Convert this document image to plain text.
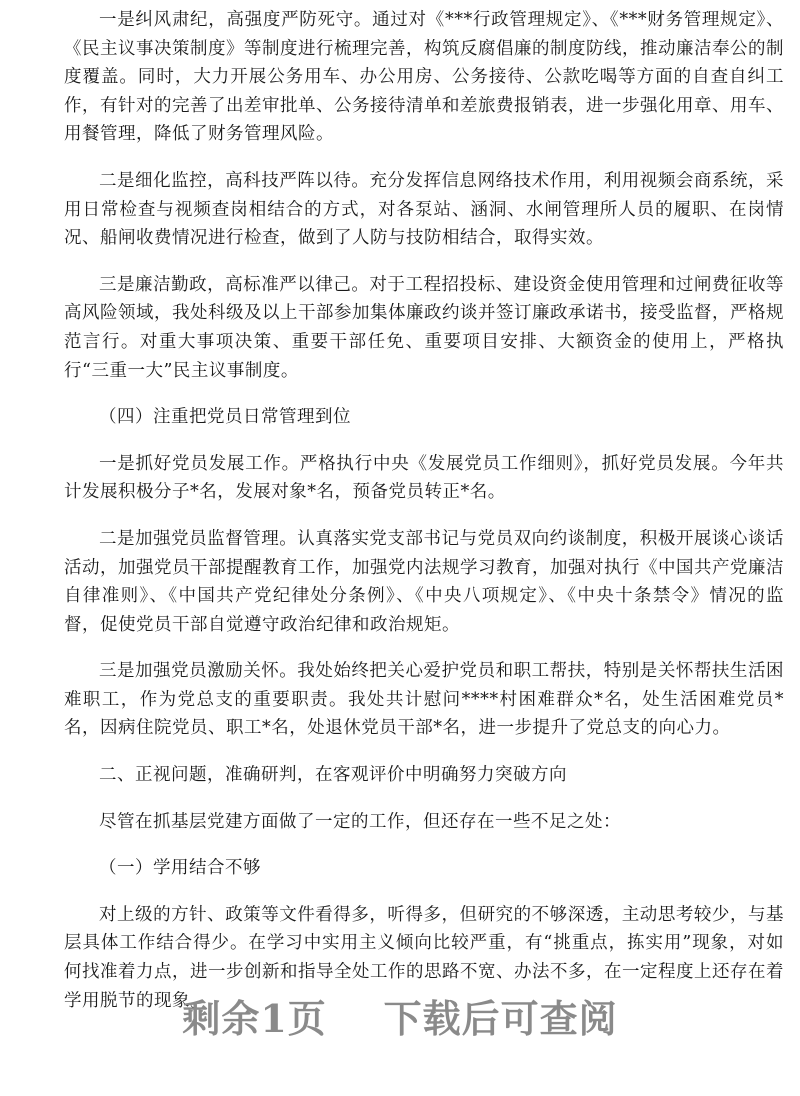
一是纠风肃纪，高强度严防死守。通过对《***行政管理规定》、《***财务管理规定》、《民主议事决策制度》等制度进行梳理完善，构筑反腐倡廉的制度防线，推动廉洁奉公的制度覆盖。同时，大力开展公务用车、办公用房、公务接待、公款吃喝等方面的自查自纠工作，有针对的完善了出差审批单、公务接待清单和差旅费报销表，进一步强化用章、用车、用餐管理，降低了财务管理风险。

二是细化监控，高科技严阵以待。充分发挥信息网络技术作用，利用视频会商系统，采用日常检查与视频查岗相结合的方式，对各泵站、涵洞、水闸管理所人员的履职、在岗情况、船闸收费情况进行检查，做到了人防与技防相结合，取得实效。

三是廉洁勤政，高标准严以律己。对于工程招投标、建设资金使用管理和过闸费征收等高风险领域，我处科级及以上干部参加集体廉政约谈并签订廉政承诺书，接受监督，严格规范言行。对重大事项决策、重要干部任免、重要项目安排、大额资金的使用上，严格执行“三重一大”民主议事制度。

（四）注重把党员日常管理到位

一是抓好党员发展工作。严格执行中央《发展党员工作细则》，抓好党员发展。今年共计发展积极分子*名，发展对象*名，预备党员转正*名。

二是加强党员监督管理。认真落实党支部书记与党员双向约谈制度，积极开展谈心谈话活动，加强党员干部提醒教育工作，加强党内法规学习教育，加强对执行《中国共产党廉洁自律准则》、《中国共产党纪律处分条例》、《中央八项规定》、《中央十条禁令》情况的监督，促使党员干部自觉遵守政治纪律和政治规矩。

三是加强党员激励关怀。我处始终把关心爱护党员和职工帮扶，特别是关怀帮扶生活困难职工，作为党总支的重要职责。我处共计慰问****村困难群众*名，处生活困难党员*名，因病住院党员、职工*名，处退休党员干部*名，进一步提升了党总支的向心力。

二、正视问题，准确研判，在客观评价中明确努力突破方向

尽管在抓基层党建方面做了一定的工作，但还存在一些不足之处：

（一）学用结合不够

对上级的方针、政策等文件看得多，听得多，但研究的不够深透，主动思考较少，与基层具体工作结合得少。在学习中实用主义倾向比较严重，有“挑重点，拣实用”现象，对如何找准着力点，进一步创新和指导全处工作的思路不宽、办法不多，在一定程度上还存在着学用脱节的现象。

剩余1页    下载后可查阅
